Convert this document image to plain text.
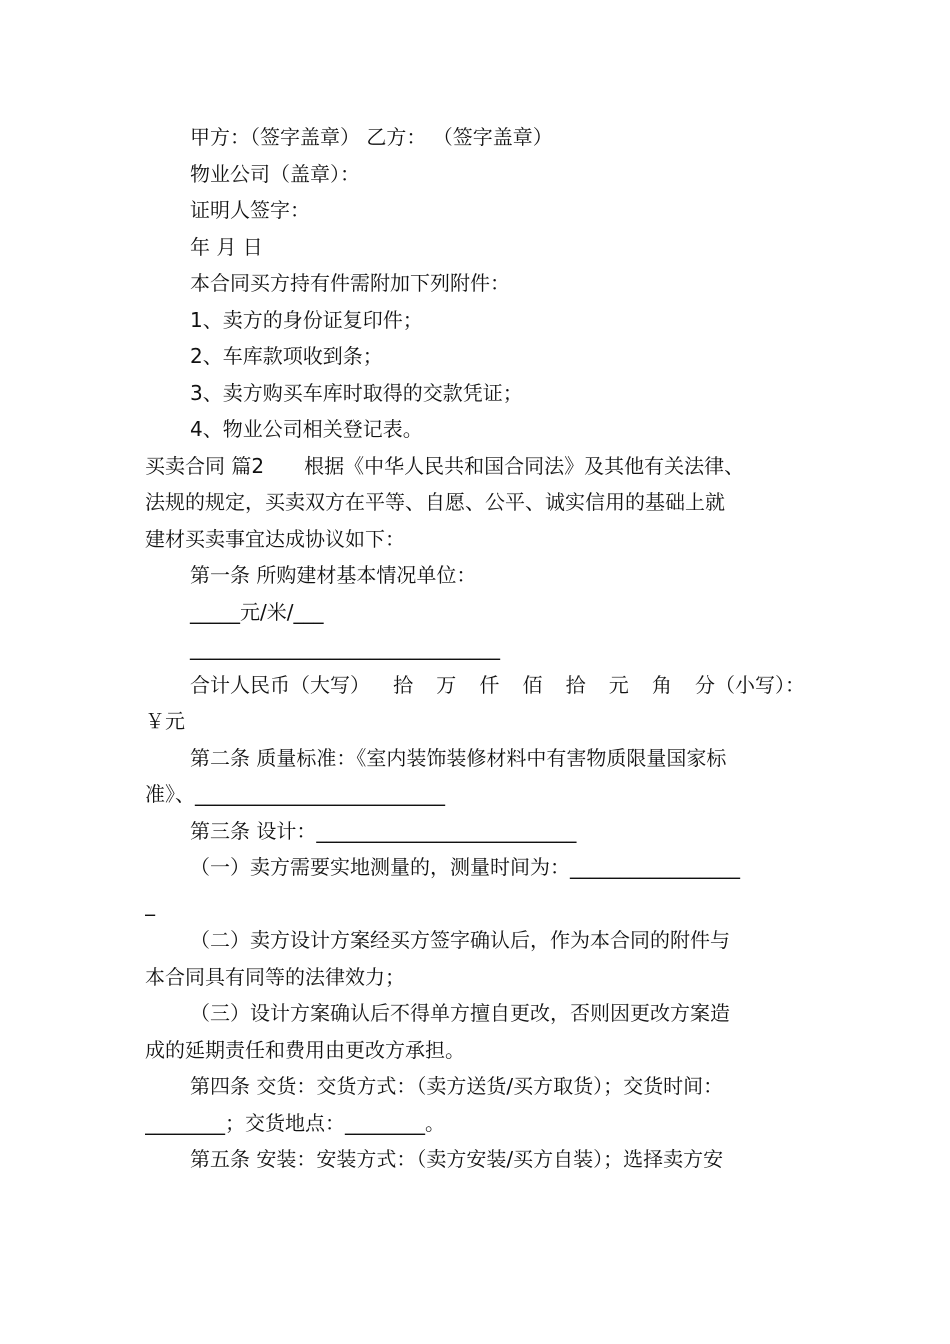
甲方：（签字盖章） 乙方： （签字盖章）
物业公司（盖章）：
证明人签字：
年 月 日
本合同买方持有件需附加下列附件：
1、卖方的身份证复印件；
2、车库款项收到条；
3、卖方购买车库时取得的交款凭证；
4、物业公司相关登记表。
买卖合同 篇2　　根据《中华人民共和国合同法》及其他有关法律、
法规的规定，买卖双方在平等、自愿、公平、诚实信用的基础上就
建材买卖事宜达成协议如下：
第一条 所购建材基本情况单位：
_____元/米/___
_______________________________
合计人民币（大写） 拾 万 仟 佰 拾 元 角 分（小写）：
￥元
第二条 质量标准：《室内装饰装修材料中有害物质限量国家标
准》、_________________________
第三条 设计：__________________________
（一）卖方需要实地测量的，测量时间为：_________________
_
（二）卖方设计方案经买方签字确认后，作为本合同的附件与
本合同具有同等的法律效力；
（三）设计方案确认后不得单方擅自更改，否则因更改方案造
成的延期责任和费用由更改方承担。
第四条 交货：交货方式：（卖方送货/买方取货）；交货时间：
________；交货地点：________。
第五条 安装：安装方式：（卖方安装/买方自装）；选择卖方安
